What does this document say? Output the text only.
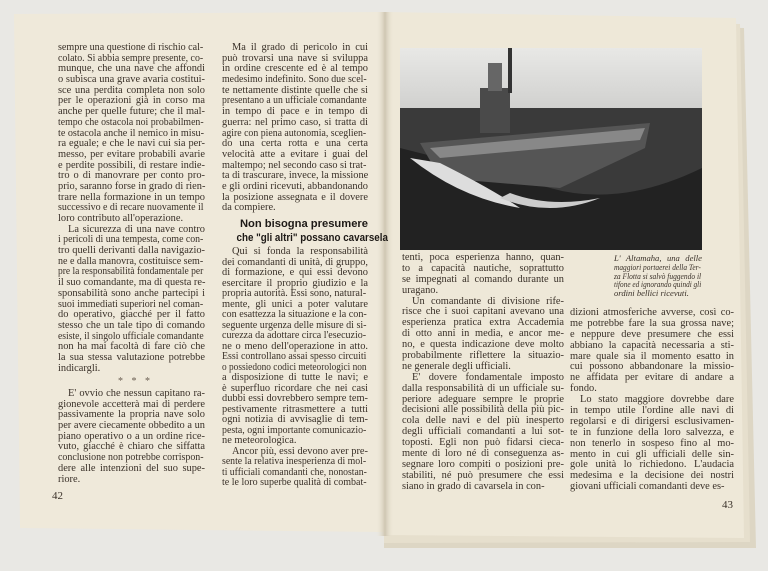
sempre una questione di rischio cal-
colato. Si abbia sempre presente, co-
munque, che una nave che affondi
o subisca una grave avaria costitui-
sce una perdita completa non solo
per le operazioni già in corso ma
anche per quelle future; che il mal-
tempo che ostacola noi probabilmen-
te ostacola anche il nemico in misu-
ra eguale; e che le navi cui sia per-
messo, per evitare probabili avarie
e perdite possibili, di restare indie-
tro o di manovrare per conto pro-
prio, saranno forse in grado di rien-
trare nella formazione in un tempo
successivo e di recare nuovamente il
loro contributo all'operazione.
La sicurezza di una nave contro
i pericoli di una tempesta, come con-
tro quelli derivanti dalla navigazio-
ne e dalla manovra, costituisce sem-
pre la responsabilità fondamentale per
il suo comandante, ma di questa re-
sponsabilità sono anche partecipi i
suoi immediati superiori nel coman-
do operativo, giacché per il fatto
stesso che un tale tipo di comando
esiste, il singolo ufficiale comandante
non ha mai facoltà di fare ciò che
la sua stessa valutazione potrebbe
indicargli.
* * *
E' ovvio che nessun capitano ra-
gionevole accetterà mai di perdere
passivamente la propria nave solo
per avere ciecamente obbedito a un
piano operativo o a un ordine rice-
vuto, giacché è chiaro che siffatta
conclusione non potrebbe corrispon-
dere alle intenzioni del suo supe-
riore.
42
Ma il grado di pericolo in cui
può trovarsi una nave si sviluppa
in ordine crescente ed è al tempo
medesimo indefinito. Sono due scel-
te nettamente distinte quelle che si
presentano a un ufficiale comandante
in tempo di pace e in tempo di
guerra: nel primo caso, si tratta di
agire con piena autonomia, sceglien-
do una certa rotta e una certa
velocità atte a evitare i guai del
maltempo; nel secondo caso si trat-
ta di trascurare, invece, la missione
e gli ordini ricevuti, abbandonando
la posizione assegnata e il dovere
da compiere.
Non bisogna presumere
che "gli altri" possano cavarsela
Qui si fonda la responsabilità
dei comandanti di unità, di gruppo,
di formazione, e qui essi devono
esercitare il proprio giudizio e la
propria autorità. Essi sono, natural-
mente, gli unici a poter valutare
con esattezza la situazione e la con-
seguente urgenza delle misure di si-
curezza da adottare circa l'esecuzio-
ne o meno dell'operazione in atto.
Essi controllano assai spesso circuiti
o possiedono codici meteorologici non
a disposizione di tutte le navi; e
è superfluo ricordare che nei casi
dubbi essi dovrebbero sempre tem-
pestivamente ritrasmettere a tutti
ogni notizia di avvisaglie di tem-
pesta, ogni importante comunicazio-
ne meteorologica.
Ancor più, essi devono aver pre-
sente la relativa inesperienza di mol-
ti ufficiali comandanti che, nonostan-
te le loro superbe qualità di combat-
tenti, poca esperienza hanno, quan-
to a capacità nautiche, soprattutto
se impegnati al comando durante un
uragano.
Un comandante di divisione rife-
risce che i suoi capitani avevano una
esperienza pratica extra Accademia
di otto anni in media, e ancor me-
no, e questa indicazione deve molto
probabilmente riflettere la situazio-
ne generale degli ufficiali.
E' dovere fondamentale imposto
dalla responsabilità di un ufficiale su-
periore adeguare sempre le proprie
decisioni alle possibilità della più pic-
cola delle navi e del più inesperto
degli ufficiali comandanti a lui sot-
toposti. Egli non può fidarsi cieca-
mente di loro né di conseguenza as-
segnare loro compiti o posizioni pre-
stabiliti, né può presumere che essi
siano in grado di cavarsela in con-
L' Altamaha, una delle
maggiori portaerei della Ter-
za Flotta si salvò fuggendo il
tifone ed ignorando quindi gli
ordini bellici ricevuti.
dizioni atmosferiche avverse, così co-
me potrebbe fare la sua grossa nave;
e neppure deve presumere che essi
abbiano la capacità necessaria a sti-
mare quale sia il momento esatto in
cui possono abbandonare la missio-
ne affidata per evitare di andare a
fondo.
Lo stato maggiore dovrebbe dare
in tempo utile l'ordine alle navi di
regolarsi e di dirigersi esclusivamen-
te in funzione della loro salvezza, e
non tenerlo in sospeso fino al mo-
mento in cui gli ufficiali delle sin-
gole unità lo richiedono. L'audacia
medesima e la decisione dei nostri
giovani ufficiali comandanti deve es-
43
